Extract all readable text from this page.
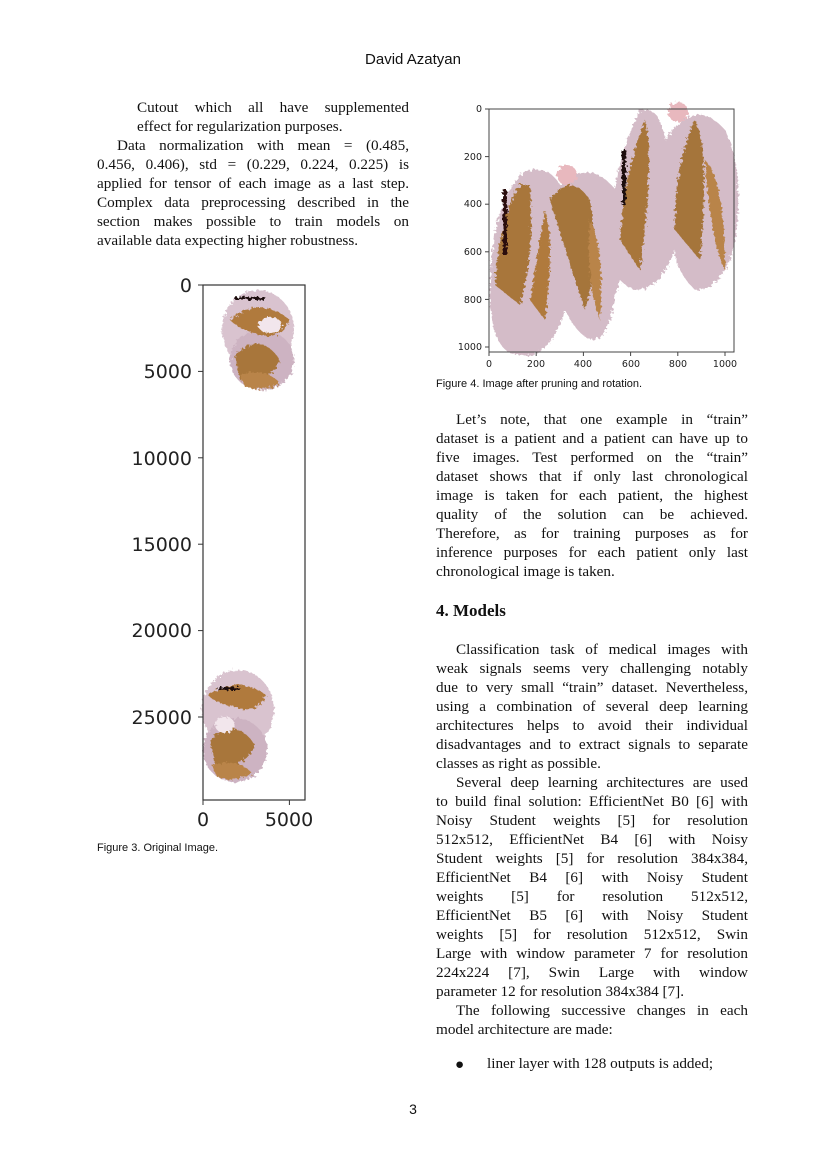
David Azatyan
Cutout which all have supplemented
effect for regularization purposes.
Data normalization with mean = (0.485,
0.456, 0.406), std = (0.229, 0.224, 0.225) is
applied for tensor of each image as a last step.
Complex data preprocessing described in the
section makes possible to train models on
available data expecting higher robustness.
0
5000
10000
15000
20000
25000
0	5000
Figure 3. Original Image.
0
200
400
600
800
1000
0	200	400	600	800	1000
Figure 4. Image after pruning and rotation.
Let’s note, that one example in “train”
dataset is a patient and a patient can have up to
five images. Test performed on the “train”
dataset shows that if only last chronological
image is taken for each patient, the highest
quality of the solution can be achieved.
Therefore, as for training purposes as for
inference purposes for each patient only last
chronological image is taken.
4. Models
Classification task of medical images with
weak signals seems very challenging notably
due to very small “train” dataset. Nevertheless,
using a combination of several deep learning
architectures helps to avoid their individual
disadvantages and to extract signals to separate
classes as right as possible.
Several deep learning architectures are used
to build final solution: EfficientNet B0 [6] with
Noisy Student weights [5] for resolution
512x512, EfficientNet B4 [6] with Noisy
Student weights [5] for resolution 384x384,
EfficientNet B4 [6] with Noisy Student
weights [5] for resolution 512x512,
EfficientNet B5 [6] with Noisy Student
weights [5] for resolution 512x512, Swin
Large with window parameter 7 for resolution
224x224 [7], Swin Large with window
parameter 12 for resolution 384x384 [7].
The following successive changes in each
model architecture are made:
● liner layer with 128 outputs is added;
3
